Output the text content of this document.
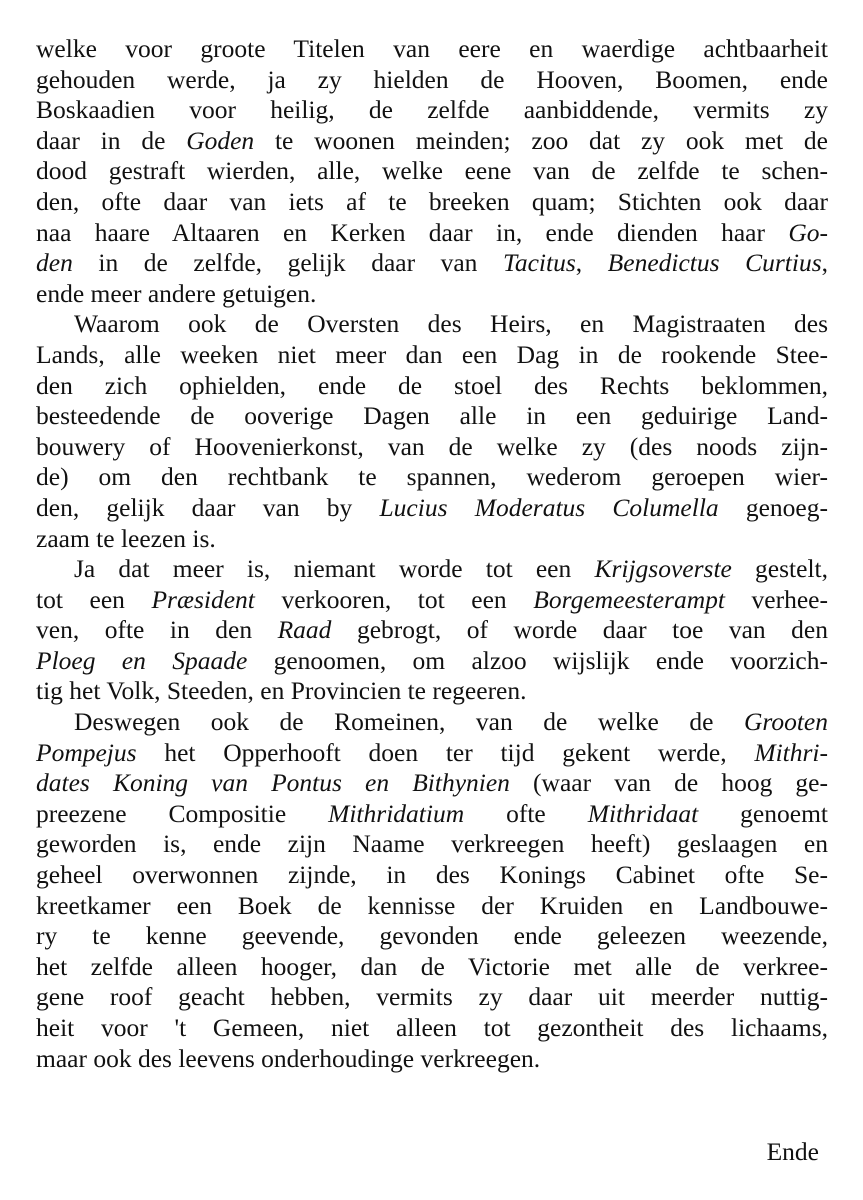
welke voor groote Titelen van eere en waerdige achtbaarheit
gehouden werde, ja zy hielden de Hooven, Boomen, ende
Boskaadien voor heilig, de zelfde aanbiddende, vermits zy
daar in de Goden te woonen meinden; zoo dat zy ook met de
dood gestraft wierden, alle, welke eene van de zelfde te schen-
den, ofte daar van iets af te breeken quam; Stichten ook daar
naa haare Altaaren en Kerken daar in, ende dienden haar Go-
den in de zelfde, gelijk daar van Tacitus, Benedictus Curtius,
ende meer andere getuigen.
Waarom ook de Oversten des Heirs, en Magistraaten des
Lands, alle weeken niet meer dan een Dag in de rookende Stee-
den zich ophielden, ende de stoel des Rechts beklommen,
besteedende de ooverige Dagen alle in een geduirige Land-
bouwery of Hoovenierkonst, van de welke zy (des noods zijn-
de) om den rechtbank te spannen, wederom geroepen wier-
den, gelijk daar van by Lucius Moderatus Columella genoeg-
zaam te leezen is.
Ja dat meer is, niemant worde tot een Krijgsoverste gestelt,
tot een Præsident verkooren, tot een Borgemeesterampt verhee-
ven, ofte in den Raad gebrogt, of worde daar toe van den
Ploeg en Spaade genoomen, om alzoo wijslijk ende voorzich-
tig het Volk, Steeden, en Provincien te regeeren.
Deswegen ook de Romeinen, van de welke de Grooten
Pompejus het Opperhooft doen ter tijd gekent werde, Mithri-
dates Koning van Pontus en Bithynien (waar van de hoog ge-
preezene Compositie Mithridatium ofte Mithridaat genoemt
geworden is, ende zijn Naame verkreegen heeft) geslaagen en
geheel overwonnen zijnde, in des Konings Cabinet ofte Se-
kreetkamer een Boek de kennisse der Kruiden en Landbouwe-
ry te kenne geevende, gevonden ende geleezen weezende,
het zelfde alleen hooger, dan de Victorie met alle de verkree-
gene roof geacht hebben, vermits zy daar uit meerder nuttig-
heit voor 't Gemeen, niet alleen tot gezontheit des lichaams,
maar ook des leevens onderhoudinge verkreegen.
Ende
